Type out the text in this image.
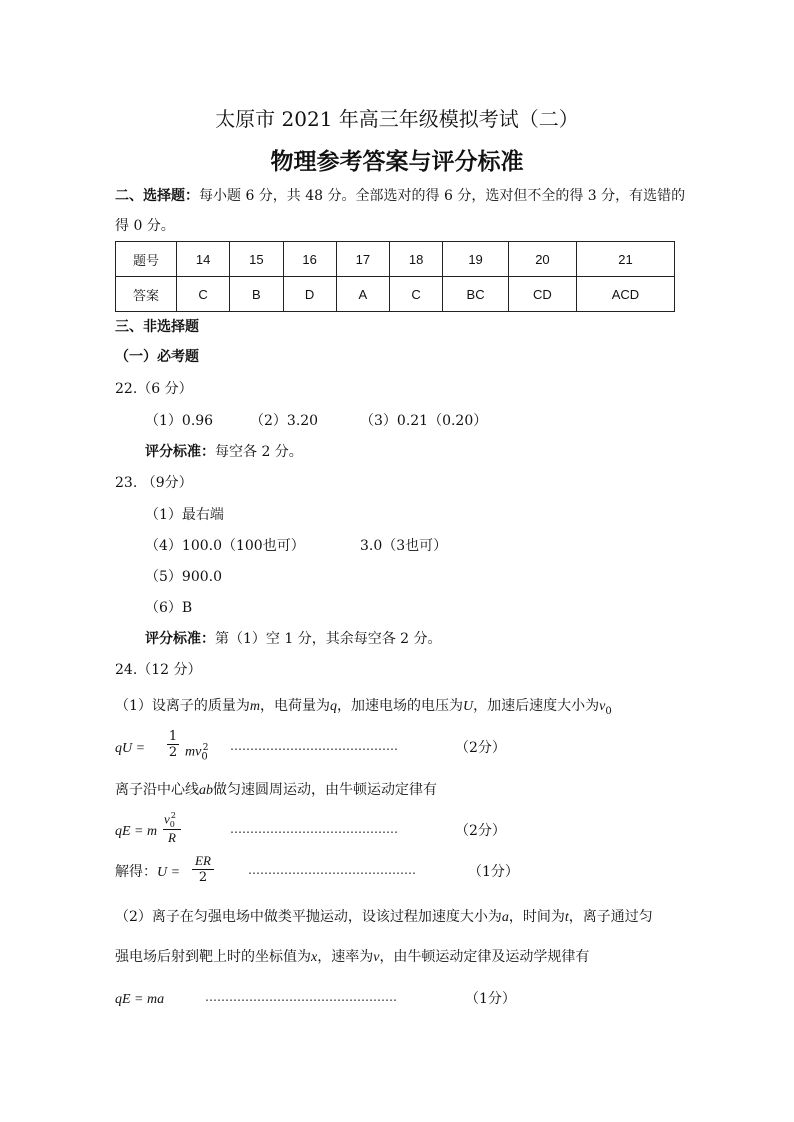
太原市 2021 年高三年级模拟考试（二）
物理参考答案与评分标准
二、选择题：每小题 6 分，共 48 分。全部选对的得 6 分，选对但不全的得 3 分，有选错的
得 0 分。
题号	14	15	16	17	18	19	20	21
答案	C	B	D	A	C	BC	CD	ACD
三、非选择题
（一）必考题
22.（6 分）
（1）0.96	（2）3.20	（3）0.21（0.20）
评分标准：每空各 2 分。
23. （9分）
（1）最右端
（4）100.0（100也可）	3.0（3也可）
（5）900.0
（6）B
评分标准：第（1）空 1 分，其余每空各 2 分。
24.（12 分）
（1）设离子的质量为m，电荷量为q，加速电场的电压为U，加速后速度大小为$v_0$
qU = $\frac{1}{2} mv_0^2$	……………………………………	（2分）
离子沿中心线ab做匀速圆周运动，由牛顿运动定律有
qE = m $\frac{v_0^2}{R}$	……………………………………	（2分）
解得：$U = \frac{ER}{2}$	……………………………………	（1分）
（2）离子在匀强电场中做类平抛运动，设该过程加速度大小为a，时间为t，离子通过匀
强电场后射到靶上时的坐标值为x，速率为v，由牛顿运动定律及运动学规律有
qE = ma	…………………………………………	（1分）
